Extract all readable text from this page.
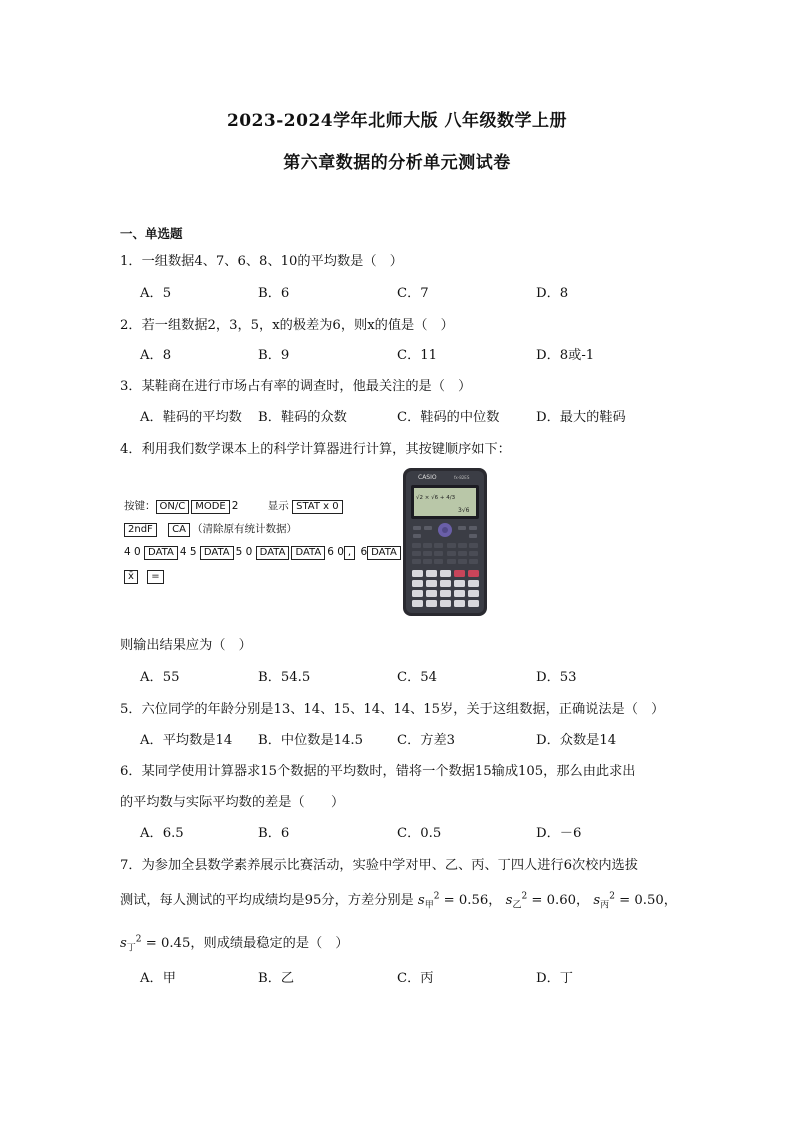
2023-2024学年北师大版 八年级数学上册
第六章数据的分析单元测试卷
一、单选题
1．一组数据4、7、6、8、10的平均数是（　）
A．5	B．6	C．7	D．8
2．若一组数据2，3，5，x的极差为6，则x的值是（　）
A．8	B．9	C．11	D．8或-1
3．某鞋商在进行市场占有率的调查时，他最关注的是（　）
A．鞋码的平均数 B．鞋码的众数	C．鞋码的中位数	D．最大的鞋码
4．利用我们数学课本上的科学计算器进行计算，其按键顺序如下：
按键： ON/C MODE 2	显示 STAT x 0
2ndF CA （清除原有统计数据）
4 0 DATA 4 5 DATA 5 0 DATA DATA 6 0 , 6 DATA
x̄ =
CASIO	fx-82ES
√2 × √6 + 4/3
3√6
则输出结果应为（　）
A．55	B．54.5	C．54	D．53
5．六位同学的年龄分别是13、14、15、14、14、15岁，关于这组数据，正确说法是（　）
A．平均数是14 B．中位数是14.5	C．方差3	D．众数是14
6．某同学使用计算器求15个数据的平均数时，错将一个数据15输成105，那么由此求出
的平均数与实际平均数的差是（　　）
A．6.5	B．6	C．0.5	D．－6
7．为参加全县数学素养展示比赛活动，实验中学对甲、乙、丙、丁四人进行6次校内选拔
测试，每人测试的平均成绩均是95分，方差分别是 $s_甲^2 = 0.56$， $s_乙^2 = 0.60$， $s_丙^2 = 0.50$，
$s_丁^2 = 0.45$，则成绩最稳定的是（　）
A．甲	B．乙	C．丙	D．丁
